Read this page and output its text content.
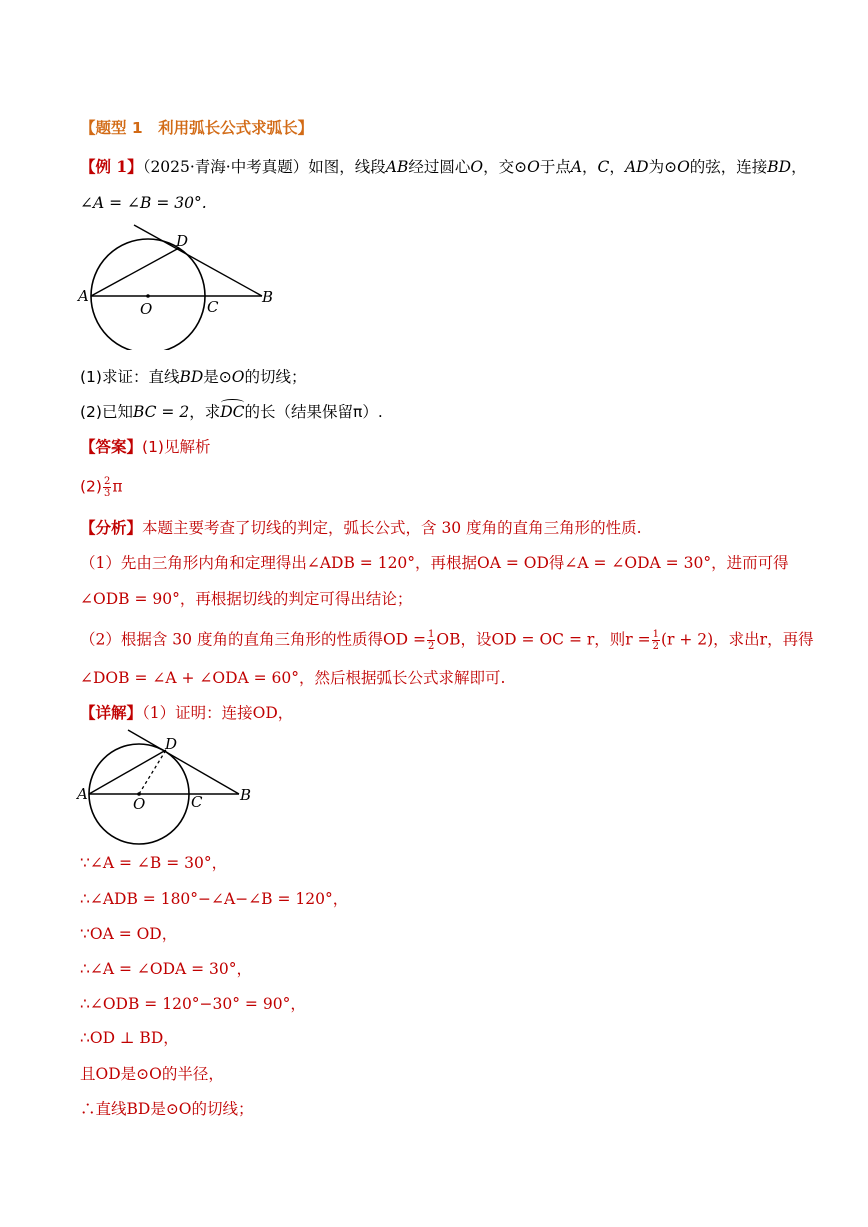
【题型 1　利用弧长公式求弧长】
【例 1】（2025·青海·中考真题）如图，线段AB经过圆心O，交⊙O于点A，C，AD为⊙O的弦，连接BD，
∠A = ∠B = 30°.
A
D
B
O	C
(1)求证：直线BD是⊙O的切线；
(2)已知BC = 2，求DC的长（结果保留π）.
【答案】(1)见解析
$(2) \frac{2}{3}$ π
【分析】本题主要考查了切线的判定，弧长公式，含 30 度角的直角三角形的性质.
（1）先由三角形内角和定理得出∠ADB = 120°，再根据OA = OD得∠A = ∠ODA = 30°，进而可得
∠ODB = 90°，再根据切线的判定可得出结论；
（2）根据含 30 度角的直角三角形的性质得OD = $\frac{1}{2}$ OB，设OD = OC = r，则$r = \frac{1}{2} (r + 2)$，求出r，再得
∠DOB = ∠A + ∠ODA = 60°，然后根据弧长公式求解即可.
【详解】（1）证明：连接OD，
A
D
B
O	C
∵∠A = ∠B = 30°，
∴∠ADB = 180°−∠A−∠B = 120°，
∵OA = OD，
∴∠A = ∠ODA = 30°，
∴∠ODB = 120°−30° = 90°，
∴OD ⊥ BD，
且OD是⊙O的半径，
∴直线BD是⊙O的切线；
